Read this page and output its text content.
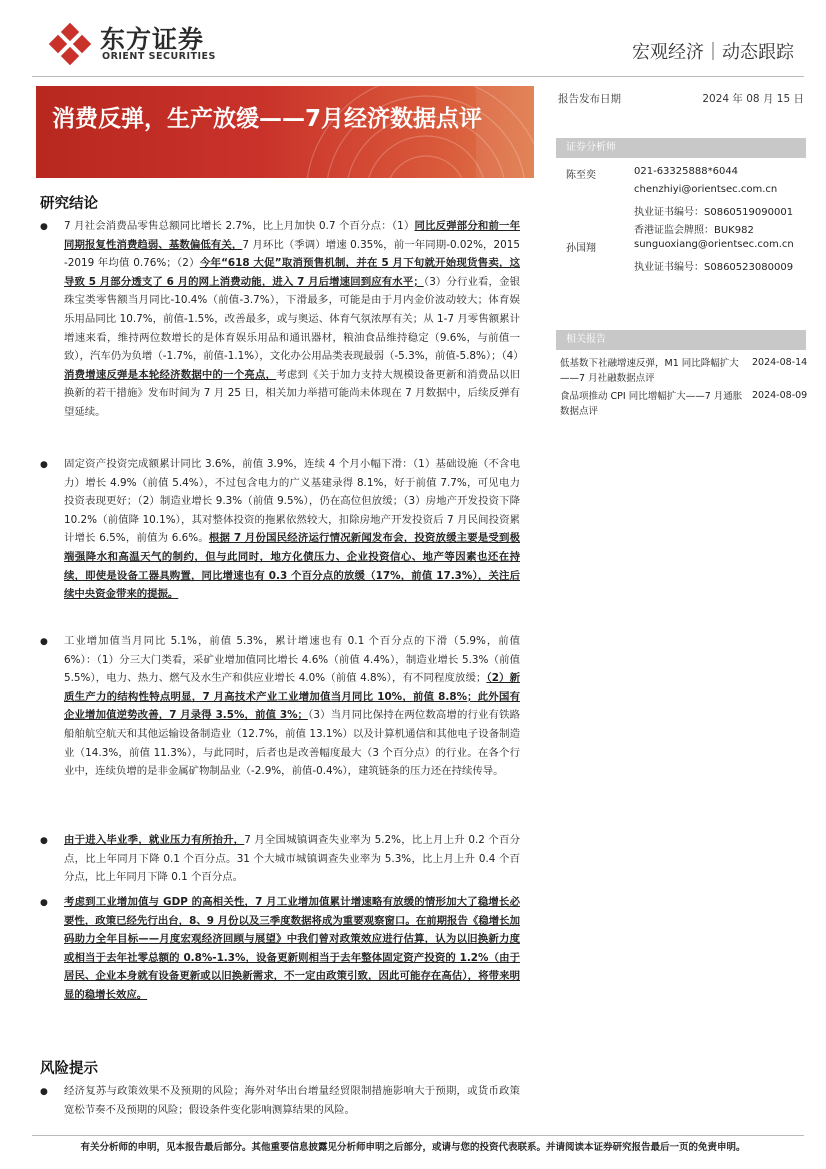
东方证券
ORIENT SECURITIES	宏观经济｜动态跟踪
消费反弹，生产放缓——7月经济数据点评
报告发布日期	2024 年 08 月 15 日
证券分析师
陈至奕	021-63325888*6044
chenzhiyi@orientsec.com.cn
执业证书编号：S0860519090001
香港证监会牌照：BUK982
孙国翔	sunguoxiang@orientsec.com.cn
执业证书编号：S0860523080009
相关报告
低基数下社融增速反弹，M1 同比降幅扩大——7 月社融数据点评
2024-08-14
食品项推动 CPI 同比增幅扩大——7 月通胀数据点评
2024-08-09
研究结论
● 7 月社会消费品零售总额同比增长 2.7%，比上月加快 0.7 个百分点：（1）同比反弹部分和前一年同期报复性消费趋弱、基数偏低有关，7 月环比（季调）增速 0.35%，前一年同期-0.02%，2015-2019 年均值 0.76%；（2）今年“618 大促”取消预售机制，并在 5 月下旬就开始现货售卖，这导致 5 月部分透支了 6 月的网上消费动能，进入 7 月后增速回到应有水平；（3）分行业看，金银珠宝类零售额当月同比-10.4%（前值-3.7%），下滑最多，可能是由于月内金价波动较大；体育娱乐用品同比 10.7%，前值-1.5%，改善最多，或与奥运、体育气氛浓厚有关；从 1-7 月零售额累计增速来看，维持两位数增长的是体育娱乐用品和通讯器材，粮油食品维持稳定（9.6%，与前值一致），汽车仍为负增（-1.7%，前值-1.1%），文化办公用品类表现最弱（-5.3%，前值-5.8%）；（4）消费增速反弹是本轮经济数据中的一个亮点，考虑到《关于加力支持大规模设备更新和消费品以旧换新的若干措施》发布时间为 7 月 25 日，相关加力举措可能尚未体现在 7 月数据中，后续反弹有望延续。
● 固定资产投资完成额累计同比 3.6%，前值 3.9%，连续 4 个月小幅下滑：（1）基础设施（不含电力）增长 4.9%（前值 5.4%），不过包含电力的广义基建录得 8.1%，好于前值 7.7%，可见电力投资表现更好；（2）制造业增长 9.3%（前值 9.5%），仍在高位但放缓；（3）房地产开发投资下降 10.2%（前值降 10.1%），其对整体投资的拖累依然较大，扣除房地产开发投资后 7 月民间投资累计增长 6.5%，前值为 6.6%。根据 7 月份国民经济运行情况新闻发布会，投资放缓主要是受到极端强降水和高温天气的制约，但与此同时，地方化债压力、企业投资信心、地产等因素也还在持续，即使是设备工器具购置，同比增速也有 0.3 个百分点的放缓（17%，前值 17.3%），关注后续中央资金带来的提振。
● 工业增加值当月同比 5.1%，前值 5.3%，累计增速也有 0.1 个百分点的下滑（5.9%，前值 6%）：（1）分三大门类看，采矿业增加值同比增长 4.6%（前值 4.4%），制造业增长 5.3%（前值 5.5%），电力、热力、燃气及水生产和供应业增长 4.0%（前值 4.8%），有不同程度放缓；（2）新质生产力的结构性特点明显，7 月高技术产业工业增加值当月同比 10%，前值 8.8%；此外国有企业增加值逆势改善，7 月录得 3.5%，前值 3%；（3）当月同比保持在两位数高增的行业有铁路船舶航空航天和其他运输设备制造业（12.7%，前值 13.1%）以及计算机通信和其他电子设备制造业（14.3%，前值 11.3%），与此同时，后者也是改善幅度最大（3 个百分点）的行业。在各个行业中，连续负增的是非金属矿物制品业（-2.9%，前值-0.4%），建筑链条的压力还在持续传导。
● 由于进入毕业季，就业压力有所抬升，7 月全国城镇调查失业率为 5.2%，比上月上升 0.2 个百分点，比上年同月下降 0.1 个百分点。31 个大城市城镇调查失业率为 5.3%，比上月上升 0.4 个百分点，比上年同月下降 0.1 个百分点。
● 考虑到工业增加值与 GDP 的高相关性，7 月工业增加值累计增速略有放缓的情形加大了稳增长必要性，政策已经先行出台，8、9 月份以及三季度数据将成为重要观察窗口。在前期报告《稳增长加码助力全年目标——月度宏观经济回顾与展望》中我们曾对政策效应进行估算，认为以旧换新力度或相当于去年社零总额的 0.8%-1.3%，设备更新则相当于去年整体固定资产投资的 1.2%（由于居民、企业本身就有设备更新或以旧换新需求，不一定由政策引致，因此可能存在高估），将带来明显的稳增长效应。
风险提示
● 经济复苏与政策效果不及预期的风险；海外对华出台增量经贸限制措施影响大于预期，或货币政策宽松节奏不及预期的风险；假设条件变化影响测算结果的风险。
有关分析师的申明，见本报告最后部分。其他重要信息披露见分析师申明之后部分，或请与您的投资代表联系。并请阅读本证券研究报告最后一页的免责申明。
